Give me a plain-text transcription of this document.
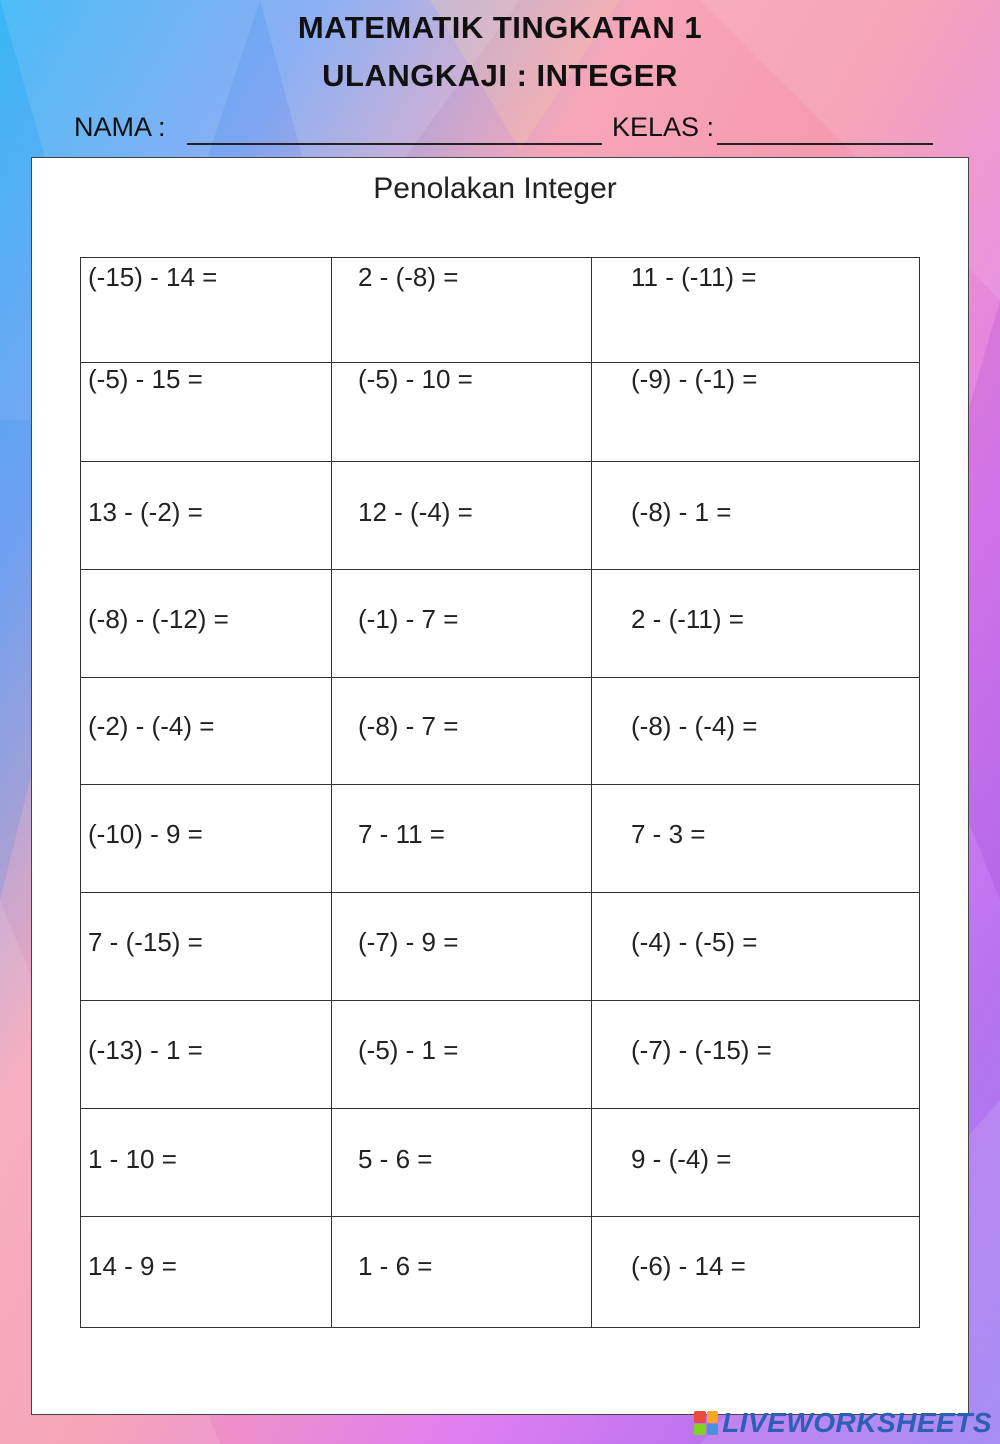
MATEMATIK TINGKATAN 1
ULANGKAJI : INTEGER
NAMA :	KELAS :
Penolakan Integer
(-15) - 14 =	2 - (-8) =	11 - (-11) =

(-5) - 15 =	(-5) - 10 =	(-9) - (-1) =

13 - (-2) =	12 - (-4) =	(-8) - 1 =

(-8) - (-12) =	(-1) - 7 =	2 - (-11) =

(-2) - (-4) =	(-8) - 7 =	(-8) - (-4) =

(-10) - 9 =	7 - 11 =	7 - 3 =

7 - (-15) =	(-7) - 9 =	(-4) - (-5) =

(-13) - 1 =	(-5) - 1 =	(-7) - (-15) =

1 - 10 =	5 - 6 =	9 - (-4) =

14 - 9 =	1 - 6 =	(-6) - 14 =
LIVEWORKSHEETS
